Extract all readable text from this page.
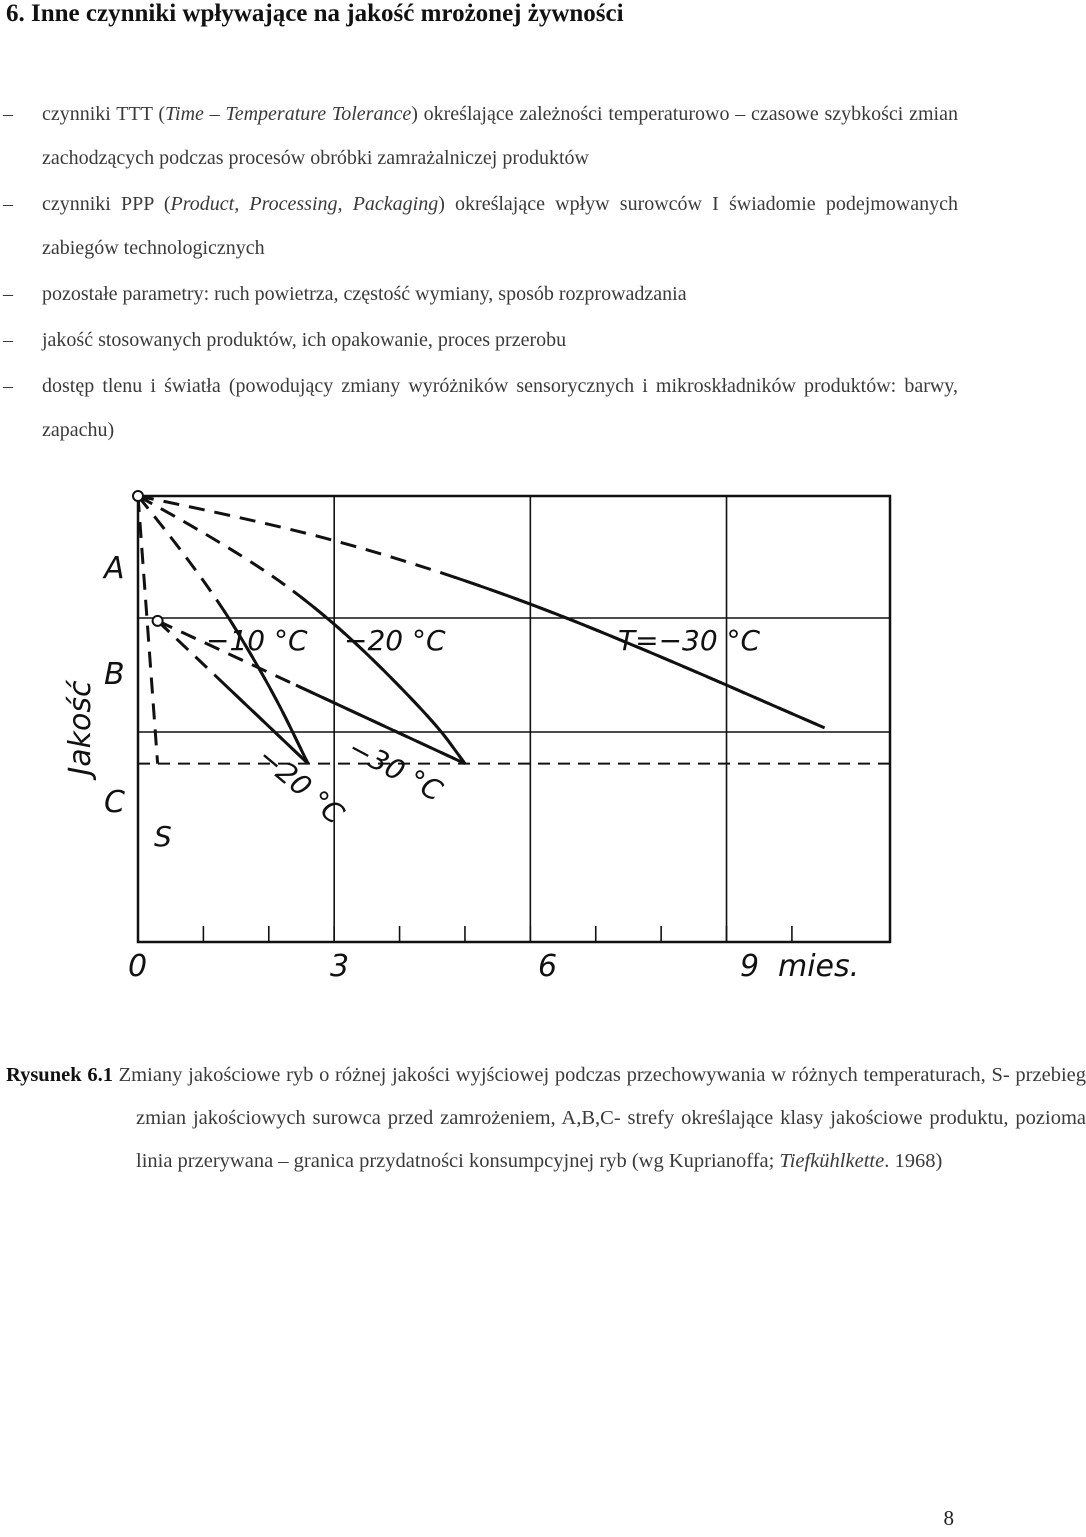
6. Inne czynniki wpływające na jakość mrożonej żywności
– czynniki TTT (Time – Temperature Tolerance) określające zależności temperaturowo – czasowe szybkości zmian zachodzących podczas procesów obróbki zamrażalniczej produktów
– czynniki PPP (Product, Processing, Packaging) określające wpływ surowców I świadomie podejmowanych zabiegów technologicznych
– pozostałe parametry: ruch powietrza, częstość wymiany, sposób rozprowadzania
– jakość stosowanych produktów, ich opakowanie, proces przerobu
– dostęp tlenu i światła (powodujący zmiany wyróżników sensorycznych i mikroskładników produktów: barwy, zapachu)
Jakość
A
B
C
0	3	6	9 mies.
−10 °C −20 °C	T=−30 °C
−20 °C
−30 °C
S
Rysunek 6.1 Zmiany jakościowe ryb o różnej jakości wyjściowej podczas przechowywania w różnych temperaturach, S- przebieg zmian jakościowych surowca przed zamrożeniem, A,B,C- strefy określające klasy jakościowe produktu, pozioma linia przerywana – granica przydatności konsumpcyjnej ryb (wg Kuprianoffa; Tiefkühlkette. 1968)
8
